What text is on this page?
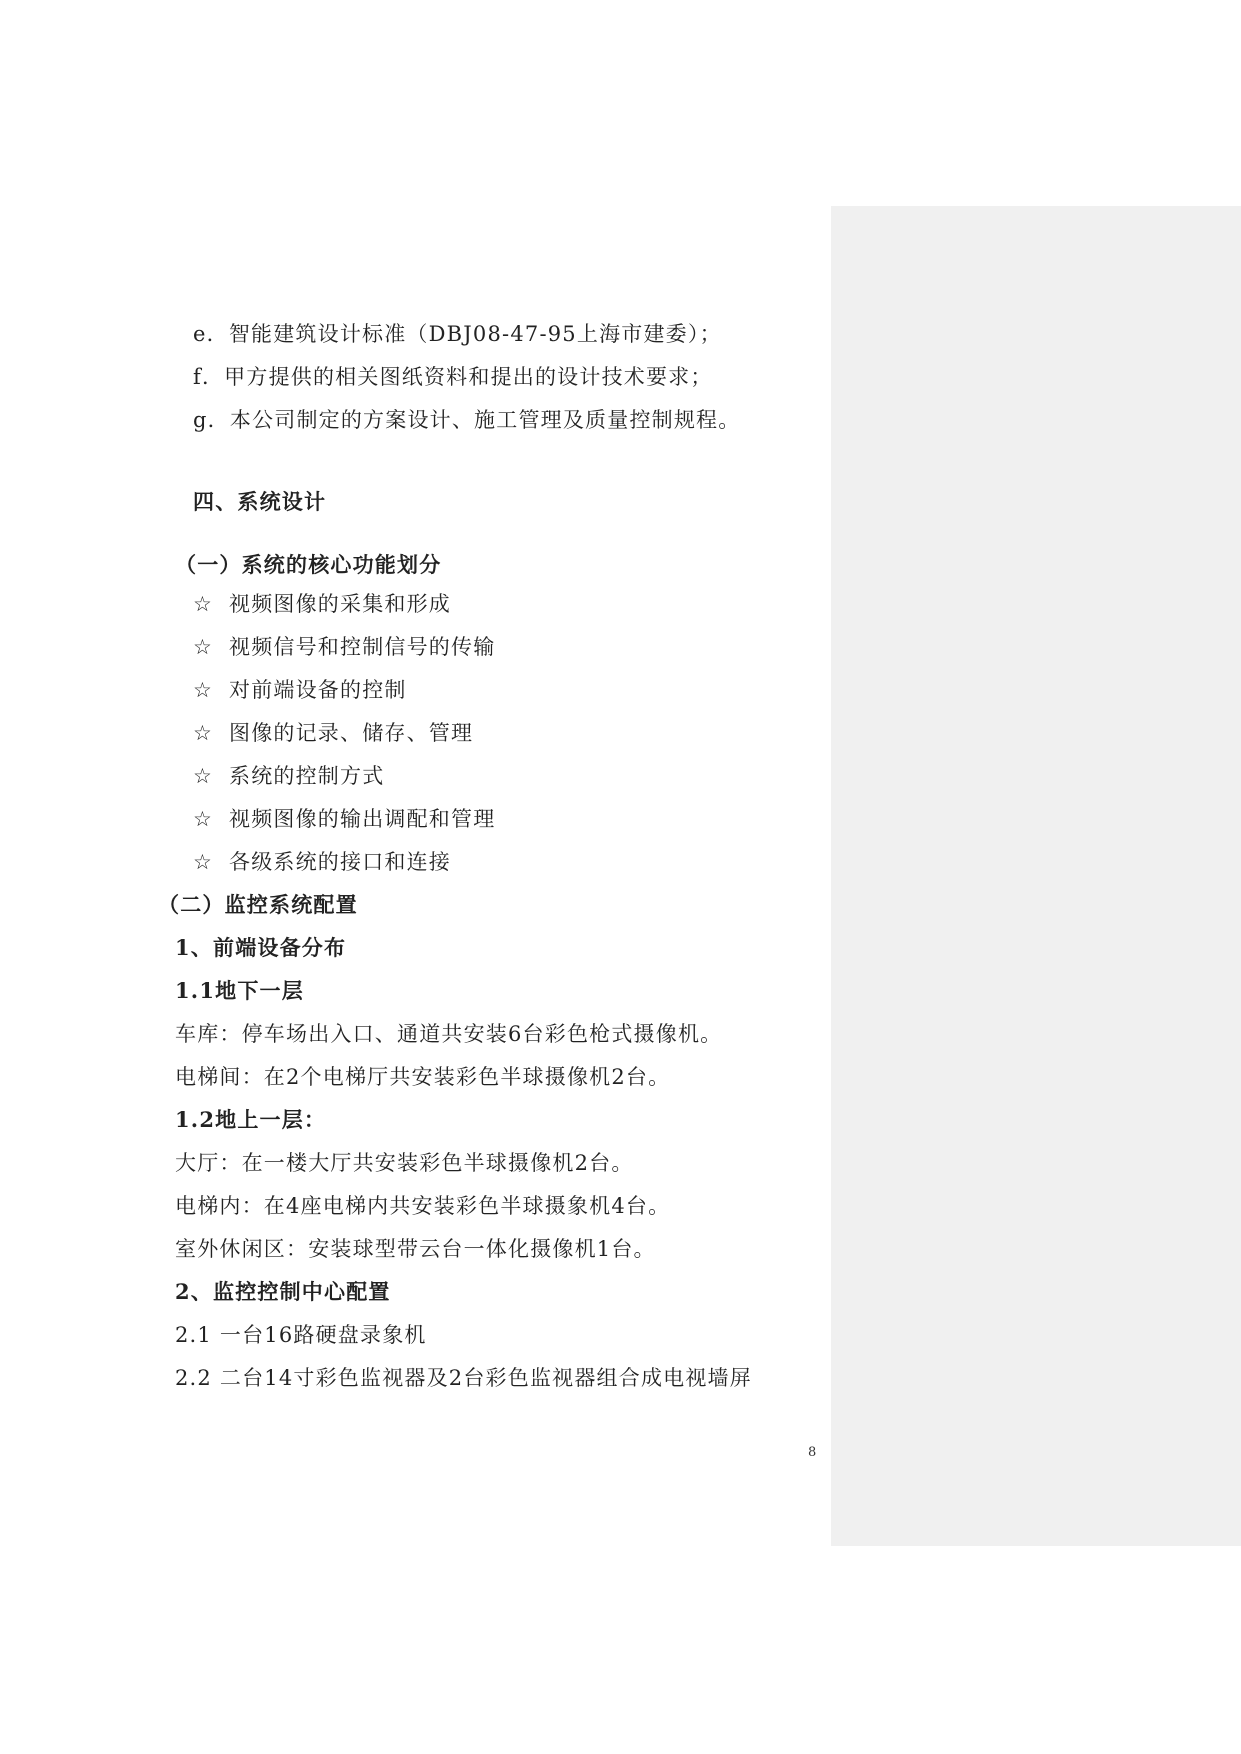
e．智能建筑设计标准（DBJ08-47-95上海市建委）；
f．甲方提供的相关图纸资料和提出的设计技术要求；
g．本公司制定的方案设计、施工管理及质量控制规程。
四、系统设计
（一）系统的核心功能划分
☆ 视频图像的采集和形成
☆ 视频信号和控制信号的传输
☆ 对前端设备的控制
☆ 图像的记录、储存、管理
☆ 系统的控制方式
☆ 视频图像的输出调配和管理
☆ 各级系统的接口和连接
（二）监控系统配置
1、前端设备分布
1.1地下一层
车库：停车场出入口、通道共安装6台彩色枪式摄像机。
电梯间：在2个电梯厅共安装彩色半球摄像机2台。
1.2地上一层：
大厅：在一楼大厅共安装彩色半球摄像机2台。
电梯内：在4座电梯内共安装彩色半球摄象机4台。
室外休闲区：安装球型带云台一体化摄像机1台。
2、监控控制中心配置
2.1 一台16路硬盘录象机
2.2 二台14寸彩色监视器及2台彩色监视器组合成电视墙屏
8
